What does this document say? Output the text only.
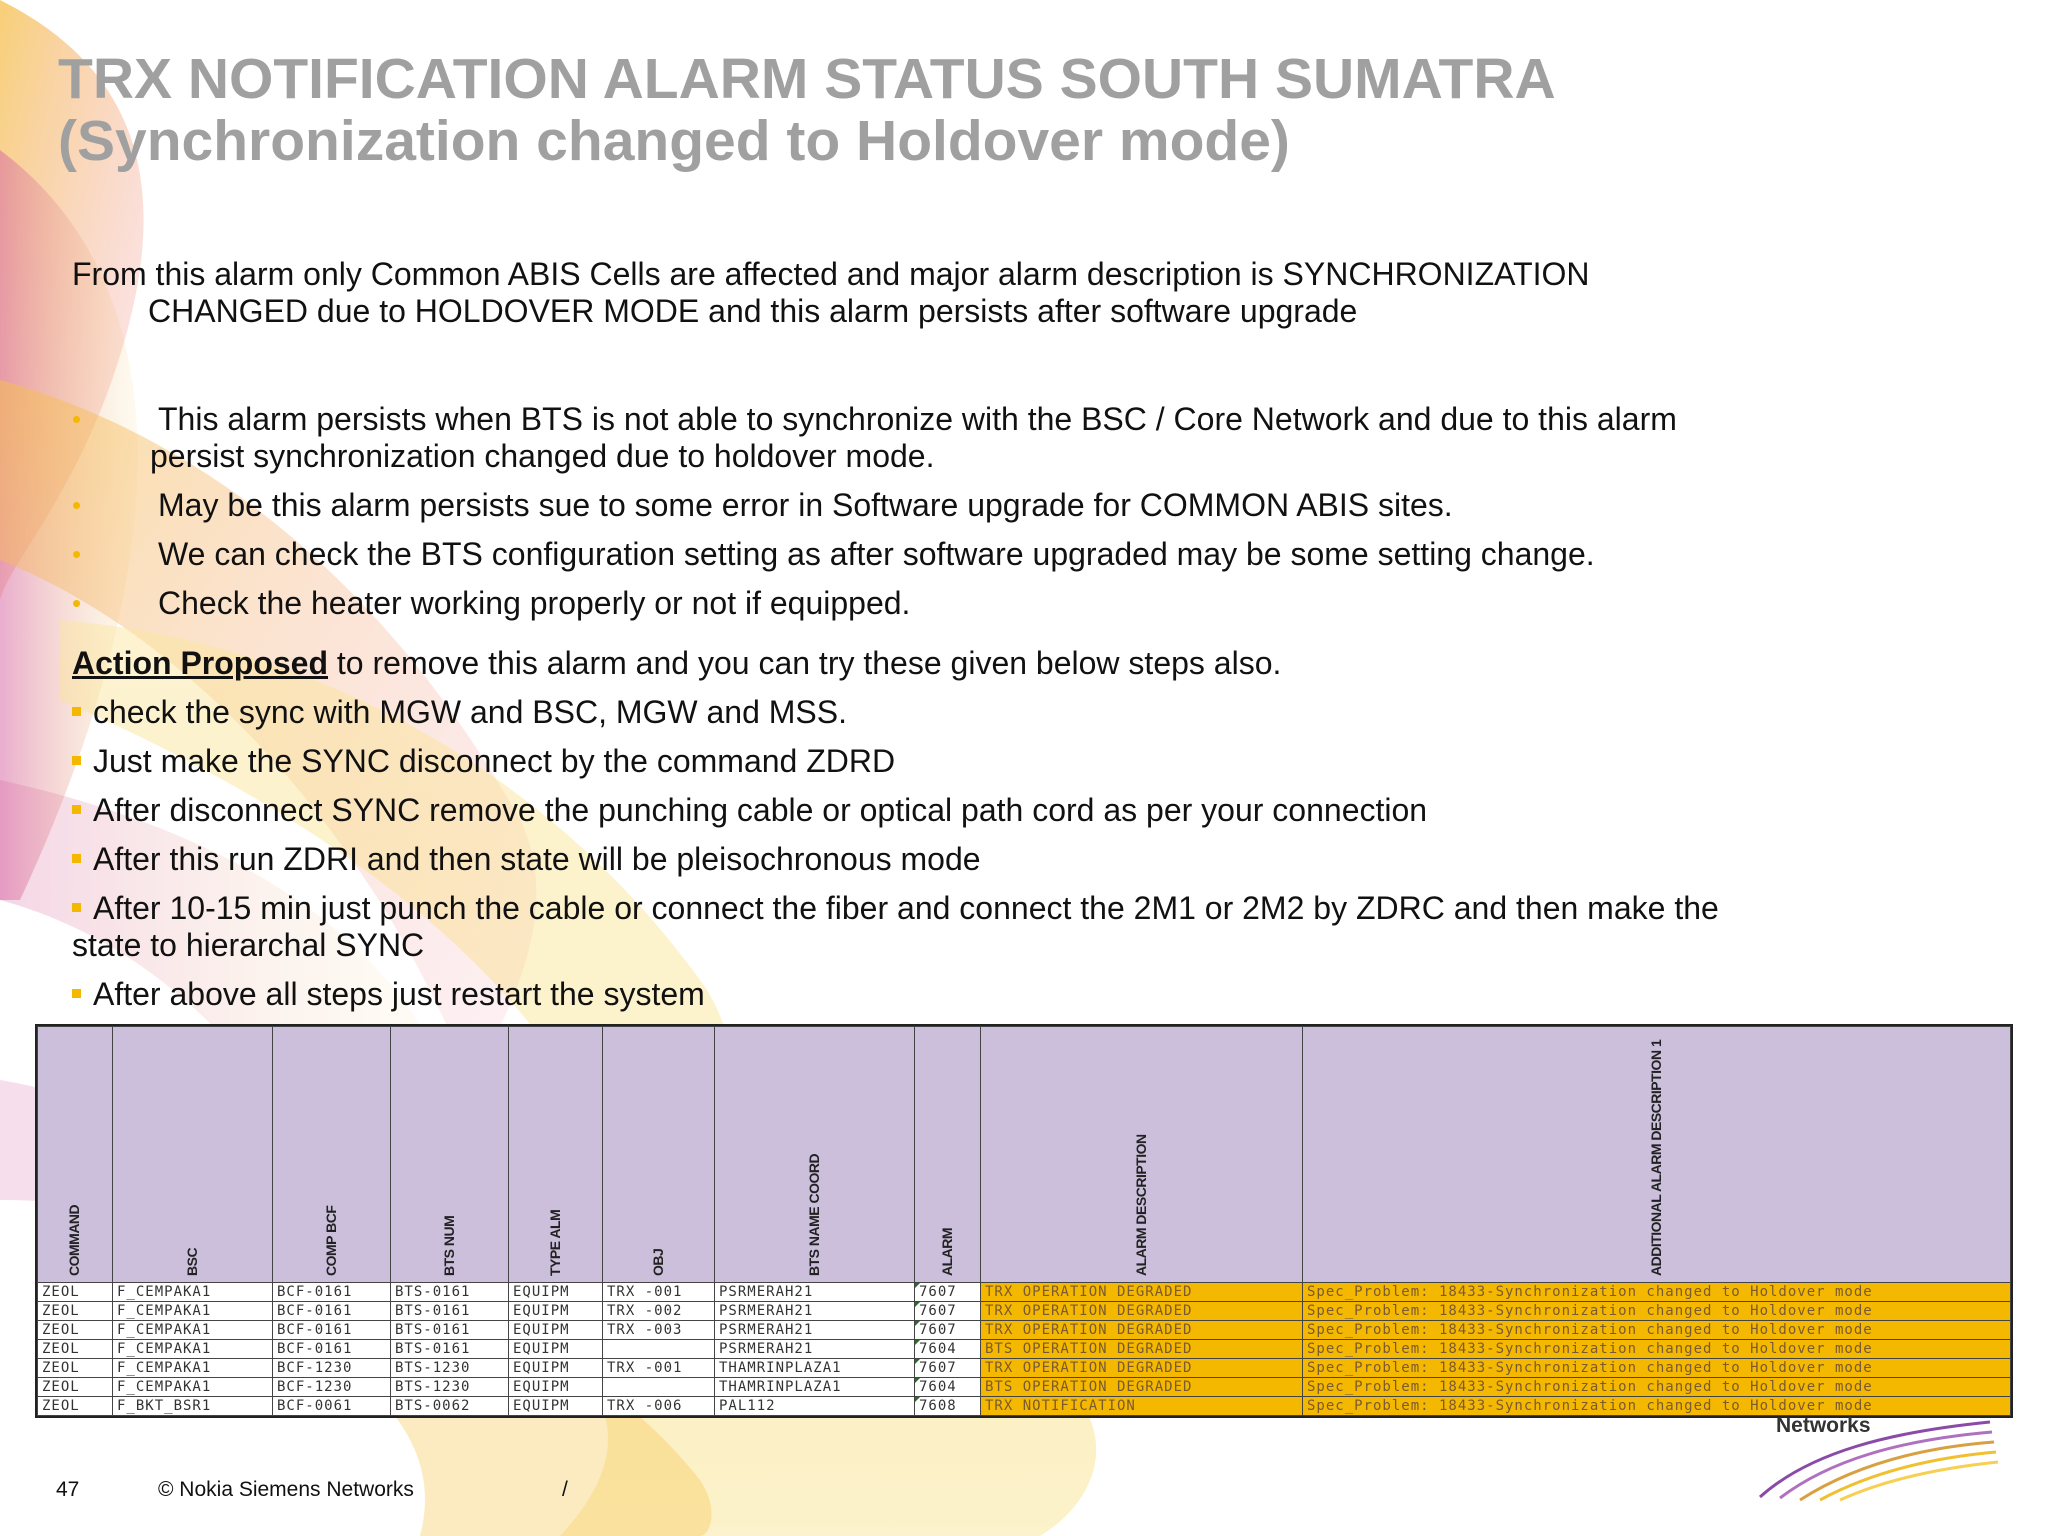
TRX NOTIFICATION ALARM STATUS SOUTH SUMATRA
(Synchronization changed to Holdover mode)

From this alarm only Common ABIS Cells are affected and major alarm description is SYNCHRONIZATION
CHANGED due to HOLDOVER MODE and this alarm persists after software upgrade

• This alarm persists when BTS is not able to synchronize with the BSC / Core Network and due to this alarm
persist synchronization changed due to holdover mode.
• May be this alarm persists sue to some error in Software upgrade for COMMON ABIS sites.
• We can check the BTS configuration setting as after software upgraded may be some setting change.
• Check the heater working properly or not if equipped.

Action Proposed to remove this alarm and you can try these given below steps also.

check the sync with MGW and BSC, MGW and MSS.
Just make the SYNC disconnect by the command ZDRD
After disconnect SYNC remove the punching cable or optical path cord as per your connection
After this run ZDRI and then state will be pleisochronous mode
After 10-15 min just punch the cable or connect the fiber and connect the 2M1 or 2M2 by ZDRC and then make the
state to hierarchal SYNC
After above all steps just restart the system
COMMAND	BSC	COMP BCF	BTS NUM	TYPE ALM	OBJ	BTS NAME COORD	ALARM	ALARM DESCRIPTION	ADDITIONAL ALARM DESCRIPTION 1

ZEOL	F_CEMPAKA1	BCF-0161	BTS-0161	EQUIPM	TRX -001	PSRMERAH21	7607	TRX OPERATION DEGRADED	Spec_Problem: 18433-Synchronization changed to Holdover mode
ZEOL	F_CEMPAKA1	BCF-0161	BTS-0161	EQUIPM	TRX -002	PSRMERAH21	7607	TRX OPERATION DEGRADED	Spec_Problem: 18433-Synchronization changed to Holdover mode
ZEOL	F_CEMPAKA1	BCF-0161	BTS-0161	EQUIPM	TRX -003	PSRMERAH21	7607	TRX OPERATION DEGRADED	Spec_Problem: 18433-Synchronization changed to Holdover mode
ZEOL	F_CEMPAKA1	BCF-0161	BTS-0161	EQUIPM		PSRMERAH21	7604	BTS OPERATION DEGRADED	Spec_Problem: 18433-Synchronization changed to Holdover mode
ZEOL	F_CEMPAKA1	BCF-1230	BTS-1230	EQUIPM	TRX -001	THAMRINPLAZA1	7607	TRX OPERATION DEGRADED	Spec_Problem: 18433-Synchronization changed to Holdover mode
ZEOL	F_CEMPAKA1	BCF-1230	BTS-1230	EQUIPM		THAMRINPLAZA1	7604	BTS OPERATION DEGRADED	Spec_Problem: 18433-Synchronization changed to Holdover mode
ZEOL	F_BKT_BSR1	BCF-0061	BTS-0062	EQUIPM	TRX -006	PAL112	7608	TRX NOTIFICATION	Spec_Problem: 18433-Synchronization changed to Holdover mode
Networks
47	© Nokia Siemens Networks	/
